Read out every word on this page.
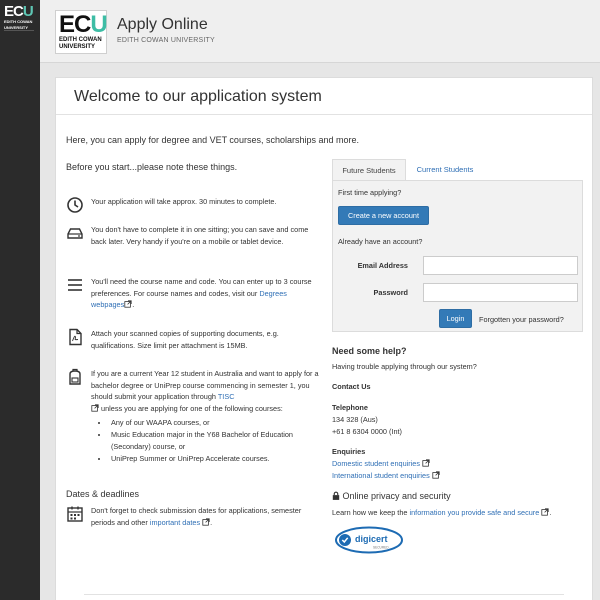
ECU
EDITH COWAN
UNIVERSITY ECU
EDITH COWAN
UNIVERSITY
Apply Online
EDITH COWAN UNIVERSITY
Welcome to our application system
Here, you can apply for degree and VET courses, scholarships and more.
Before you start...please note these things.
Your application will take approx. 30 minutes to complete.
You don't have to complete it in one sitting; you can save and come back later. Very handy if you're on a mobile or tablet device.
You'll need the course name and code. You can enter up to 3 course preferences. For course names and codes, visit our Degrees webpages .
Attach your scanned copies of supporting documents, e.g. qualifications. Size limit per attachment is 15MB.
If you are a current Year 12 student in Australia and want to apply for a bachelor degree or UniPrep course commencing in semester 1, you should submit your application through TISC
unless you are applying for one of the following courses:
• Any of our WAAPA courses, or
• Music Education major in the Y68 Bachelor of Education (Secondary) course, or
• UniPrep Summer or UniPrep Accelerate courses.
Dates & deadlines
Don't forget to check submission dates for applications, semester periods and other important dates .
Future Students	Current Students
First time applying?
Create a new account
Already have an account?
Email Address
Password
Login	Forgotten your password?
Need some help?
Having trouble applying through our system?
Contact Us
Telephone
134 328 (Aus)
+61 8 6304 0000 (Int)
Enquiries
Domestic student enquiries
International student enquiries
Online privacy and security
Learn how we keep the information you provide safe and secure .
digicert
SECURED
